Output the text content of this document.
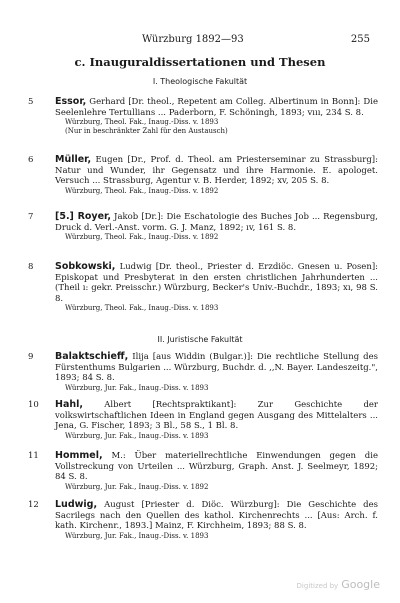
Würzburg 1892—93	255
c. Inauguraldissertationen und Thesen
I. Theologische Fakultät
5	Essor, Gerhard [Dr. theol., Repetent am Colleg. Albertinum in Bonn]: Die Seelenlehre Tertullians ... Paderborn, F. Schöningh, 1893; vııı, 234 S. 8.
Würzburg, Theol. Fak., Inaug.-Diss. v. 1893
(Nur in beschränkter Zahl für den Austausch)
6	Müller, Eugen [Dr., Prof. d. Theol. am Priesterseminar zu Strassburg]: Natur und Wunder, ihr Gegensatz und ihre Harmonie. E. apologet. Versuch ... Strassburg, Agentur v. B. Herder, 1892; xv, 205 S. 8.
Würzburg, Theol. Fak., Inaug.-Diss. v. 1892
7	[5.] Royer, Jakob [Dr.]: Die Eschatologie des Buches Job ... Regensburg, Druck d. Verl.-Anst. vorm. G. J. Manz, 1892; ıv, 161 S. 8.
Würzburg, Theol. Fak., Inaug.-Diss. v. 1892
8	Sobkowski, Ludwig [Dr. theol., Priester d. Erzdiöc. Gnesen u. Posen]: Episkopat und Presbyterat in den ersten christlichen Jahrhunderten ... (Theil ı: gekr. Preisschr.) Würzburg, Becker's Univ.-Buchdr., 1893; xı, 98 S. 8.
Würzburg, Theol. Fak., Inaug.-Diss. v. 1893
II. Juristische Fakultät
9	Balaktschieff, Ilija [aus Widdin (Bulgar.)]: Die rechtliche Stellung des Fürstenthums Bulgarien ... Würzburg, Buchdr. d. ,,N. Bayer. Landeszeitg.", 1893; 84 S. 8.
Würzburg, Jur. Fak., Inaug.-Diss. v. 1893
10	Hahl,	Albert [Rechtspraktikant]: Zur Geschichte der volkswirtschaftlichen Ideen in England gegen Ausgang des Mittelalters ... Jena, G. Fischer, 1893; 3 Bl., 58 S., 1 Bl. 8.
Würzburg, Jur. Fak., Inaug.-Diss. v. 1893
11	Hommel, M.: Über materiellrechtliche Einwendungen gegen die Vollstreckung von Urteilen ... Würzburg, Graph. Anst. J. Seelmeyr, 1892; 84 S. 8.
Würzburg, Jur. Fak., Inaug.-Diss. v. 1892
12	Ludwig, August [Priester d. Diöc. Würzburg]: Die Geschichte des Sacrilegs nach den Quellen des kathol. Kirchenrechts ... [Aus: Arch. f. kath. Kirchenr., 1893.] Mainz, F. Kirchheim, 1893; 88 S. 8.
Würzburg, Jur. Fak., Inaug.-Diss. v. 1893
Digitized by Google
